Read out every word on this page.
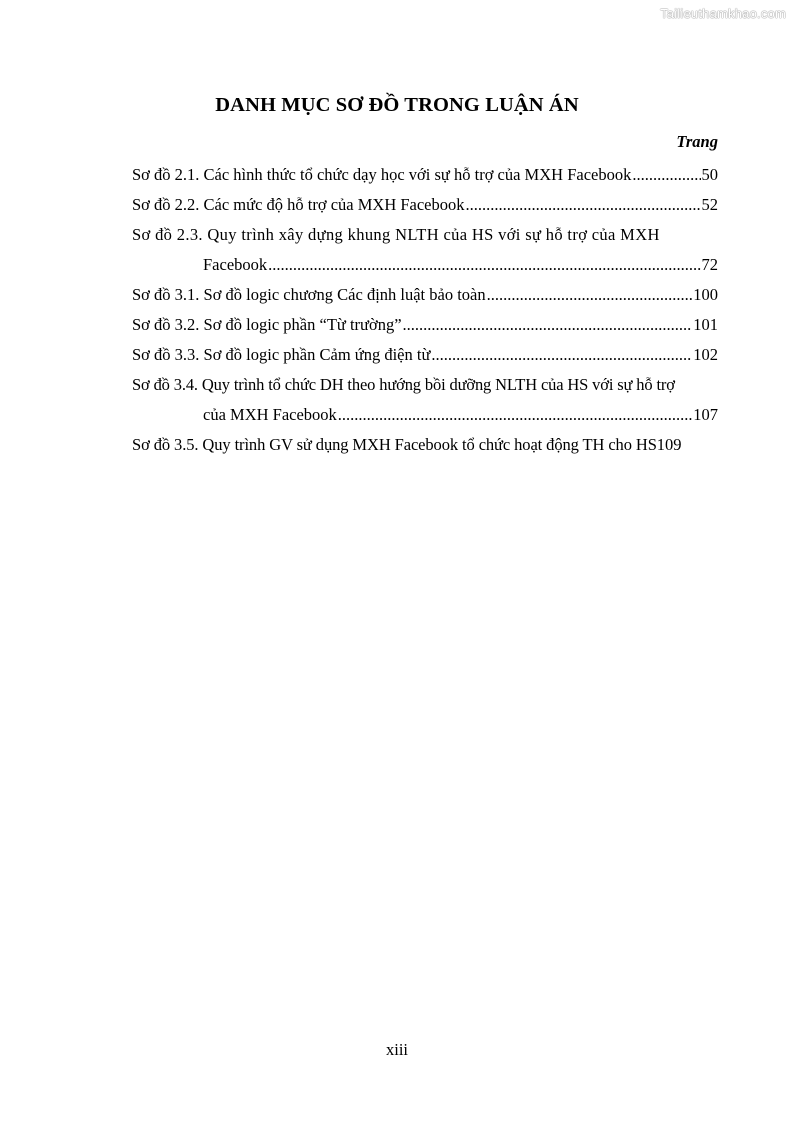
Tailieuthamkhao.com
DANH MỤC SƠ ĐỒ TRONG LUẬN ÁN
Trang
Sơ đồ 2.1. Các hình thức tổ chức dạy học với sự hỗ trợ của MXH Facebook .....	50
Sơ đồ 2.2. Các mức độ hỗ trợ của MXH Facebook .....	52
Sơ đồ 2.3. Quy trình xây dựng khung NLTH của HS với sự hỗ trợ của MXH
Facebook .....	72
Sơ đồ 3.1. Sơ đồ logic chương Các định luật bảo toàn .....	100
Sơ đồ 3.2. Sơ đồ logic phần “Từ trường” .....	101
Sơ đồ 3.3. Sơ đồ logic phần Cảm ứng điện từ .....	102
Sơ đồ 3.4. Quy trình tổ chức DH theo hướng bồi dưỡng NLTH của HS với sự hỗ trợ
của MXH Facebook .....	107
Sơ đồ 3.5. Quy trình GV sử dụng MXH Facebook tổ chức hoạt động TH cho HS 109
xiii
